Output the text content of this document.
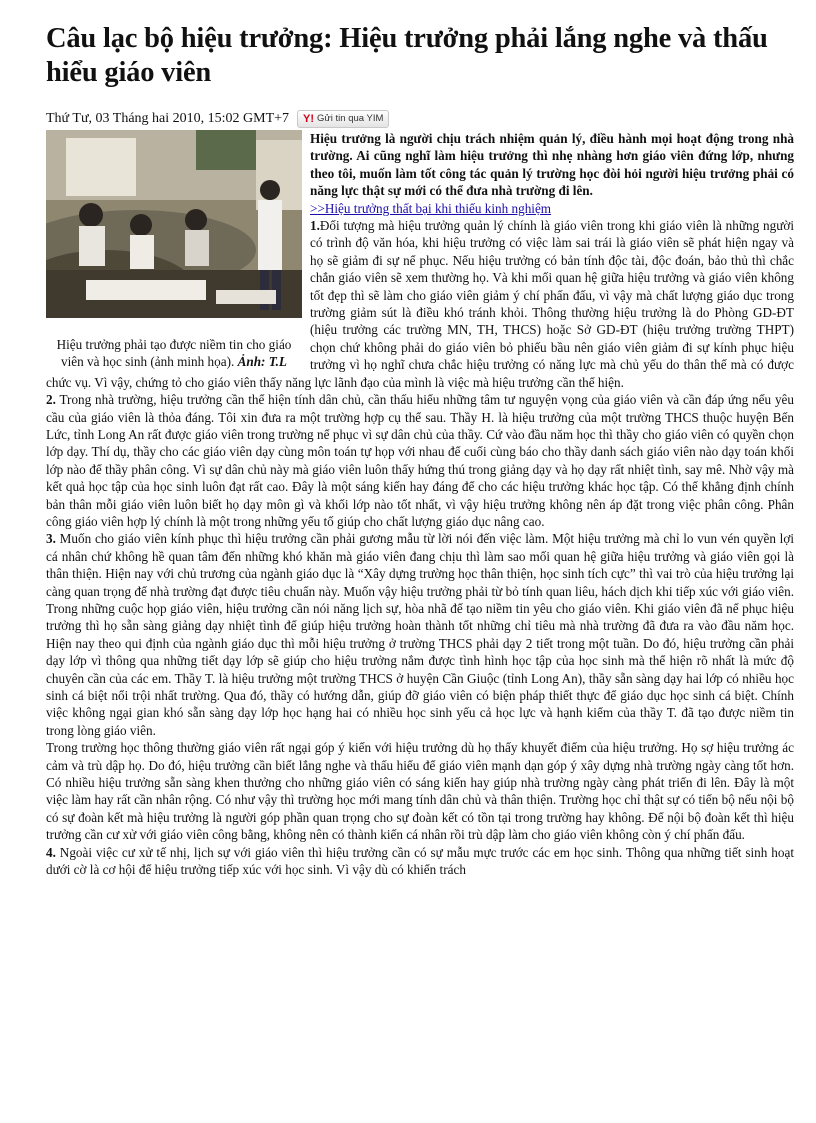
Câu lạc bộ hiệu trưởng: Hiệu trưởng phải lắng nghe và thấu hiểu giáo viên
Thứ Tư, 03 Tháng hai 2010, 15:02 GMT+7 Y! Gửi tin qua YIM
Hiệu trưởng phải tạo được niềm tin cho giáo viên và học sinh (ảnh minh họa). Ảnh: T.L

Hiệu trưởng là người chịu trách nhiệm quản lý, điều hành mọi hoạt động trong nhà trường. Ai cũng nghĩ làm hiệu trưởng thì nhẹ nhàng hơn giáo viên đứng lớp, nhưng theo tôi, muốn làm tốt công tác quản lý trường học đòi hỏi người hiệu trưởng phải có năng lực thật sự mới có thể đưa nhà trường đi lên.

>>Hiệu trưởng thất bại khi thiếu kinh nghiệm

1.Đối tượng mà hiệu trưởng quản lý chính là giáo viên trong khi giáo viên là những người có trình độ văn hóa, khi hiệu trưởng có việc làm sai trái là giáo viên sẽ phát hiện ngay và họ sẽ giảm đi sự nể phục. Nếu hiệu trưởng có bản tính độc tài, độc đoán, bảo thủ thì chắc chắn giáo viên sẽ xem thường họ. Và khi mối quan hệ giữa hiệu trưởng và giáo viên không tốt đẹp thì sẽ làm cho giáo viên giảm ý chí phấn đấu, vì vậy mà chất lượng giáo dục trong trường giảm sút là điều khó tránh khỏi. Thông thường hiệu trưởng là do Phòng GD-ĐT (hiệu trưởng các trường MN, TH, THCS) hoặc Sở GD-ĐT (hiệu trưởng trường THPT) chọn chứ không phải do giáo viên bỏ phiếu bầu nên giáo viên giảm đi sự kính phục hiệu trưởng vì họ nghĩ chưa chắc hiệu trưởng có năng lực mà chủ yếu do thân thế mà có được chức vụ. Vì vậy, chứng tỏ cho giáo viên thấy năng lực lãnh đạo của mình là việc mà hiệu trưởng cần thể hiện.

2. Trong nhà trường, hiệu trưởng cần thể hiện tính dân chủ, cần thấu hiểu những tâm tư nguyện vọng của giáo viên và cần đáp ứng nếu yêu cầu của giáo viên là thỏa đáng. Tôi xin đưa ra một trường hợp cụ thể sau. Thầy H. là hiệu trưởng của một trường THCS thuộc huyện Bến Lức, tỉnh Long An rất được giáo viên trong trường nể phục vì sự dân chủ của thầy. Cứ vào đầu năm học thì thầy cho giáo viên có quyền chọn lớp dạy. Thí dụ, thầy cho các giáo viên dạy cùng môn toán tự họp với nhau để cuối cùng báo cho thầy danh sách giáo viên nào dạy toán khối lớp nào để thầy phân công. Vì sự dân chủ này mà giáo viên luôn thấy hứng thú trong giảng dạy và họ dạy rất nhiệt tình, say mê. Nhờ vậy mà kết quả học tập của học sinh luôn đạt rất cao. Đây là một sáng kiến hay đáng để cho các hiệu trưởng khác học tập. Có thể khẳng định chính bản thân mỗi giáo viên luôn biết họ dạy môn gì và khối lớp nào tốt nhất, vì vậy hiệu trưởng không nên áp đặt trong việc phân công. Phân công giáo viên hợp lý chính là một trong những yếu tố giúp cho chất lượng giáo dục nâng cao.

3. Muốn cho giáo viên kính phục thì hiệu trưởng cần phải gương mẫu từ lời nói đến việc làm. Một hiệu trưởng mà chỉ lo vun vén quyền lợi cá nhân chứ không hề quan tâm đến những khó khăn mà giáo viên đang chịu thì làm sao mối quan hệ giữa hiệu trưởng và giáo viên gọi là thân thiện. Hiện nay với chủ trương của ngành giáo dục là “Xây dựng trường học thân thiện, học sinh tích cực” thì vai trò của hiệu trưởng lại càng quan trọng để nhà trường đạt được tiêu chuẩn này. Muốn vậy hiệu trưởng phải từ bỏ tính quan liêu, hách dịch khi tiếp xúc với giáo viên. Trong những cuộc họp giáo viên, hiệu trưởng cần nói năng lịch sự, hòa nhã để tạo niềm tin yêu cho giáo viên. Khi giáo viên đã nể phục hiệu trưởng thì họ sẵn sàng giảng dạy nhiệt tình để giúp hiệu trưởng hoàn thành tốt những chỉ tiêu mà nhà trường đã đưa ra vào đầu năm học. Hiện nay theo qui định của ngành giáo dục thì mỗi hiệu trưởng ở trường THCS phải dạy 2 tiết trong một tuần. Do đó, hiệu trưởng cần phải dạy lớp vì thông qua những tiết dạy lớp sẽ giúp cho hiệu trưởng nắm được tình hình học tập của học sinh mà thể hiện rõ nhất là mức độ chuyên cần của các em. Thầy T. là hiệu trưởng một trường THCS ở huyện Cần Giuộc (tỉnh Long An), thầy sẵn sàng dạy hai lớp có nhiều học sinh cá biệt nổi trội nhất trường. Qua đó, thầy có hướng dẫn, giúp đỡ giáo viên có biện pháp thiết thực để giáo dục học sinh cá biệt. Chính việc không ngại gian khó sẵn sàng dạy lớp học hạng hai có nhiều học sinh yếu cả học lực và hạnh kiểm của thầy T. đã tạo được niềm tin trong lòng giáo viên.

Trong trường học thông thường giáo viên rất ngại góp ý kiến với hiệu trưởng dù họ thấy khuyết điểm của hiệu trưởng. Họ sợ hiệu trưởng ác cảm và trù dập họ. Do đó, hiệu trưởng cần biết lắng nghe và thấu hiểu để giáo viên mạnh dạn góp ý xây dựng nhà trường ngày càng tốt hơn. Có nhiều hiệu trưởng sẵn sàng khen thưởng cho những giáo viên có sáng kiến hay giúp nhà trường ngày càng phát triển đi lên. Đây là một việc làm hay rất cần nhân rộng. Có như vậy thì trường học mới mang tính dân chủ và thân thiện. Trường học chỉ thật sự có tiến bộ nếu nội bộ có sự đoàn kết mà hiệu trưởng là người góp phần quan trọng cho sự đoàn kết có tồn tại trong trường hay không. Để nội bộ đoàn kết thì hiệu trưởng cần cư xử với giáo viên công bằng, không nên có thành kiến cá nhân rồi trù dập làm cho giáo viên không còn ý chí phấn đấu.

4. Ngoài việc cư xử tế nhị, lịch sự với giáo viên thì hiệu trưởng cần có sự mẫu mực trước các em học sinh. Thông qua những tiết sinh hoạt dưới cờ là cơ hội để hiệu trưởng tiếp xúc với học sinh. Vì vậy dù có khiển trách
